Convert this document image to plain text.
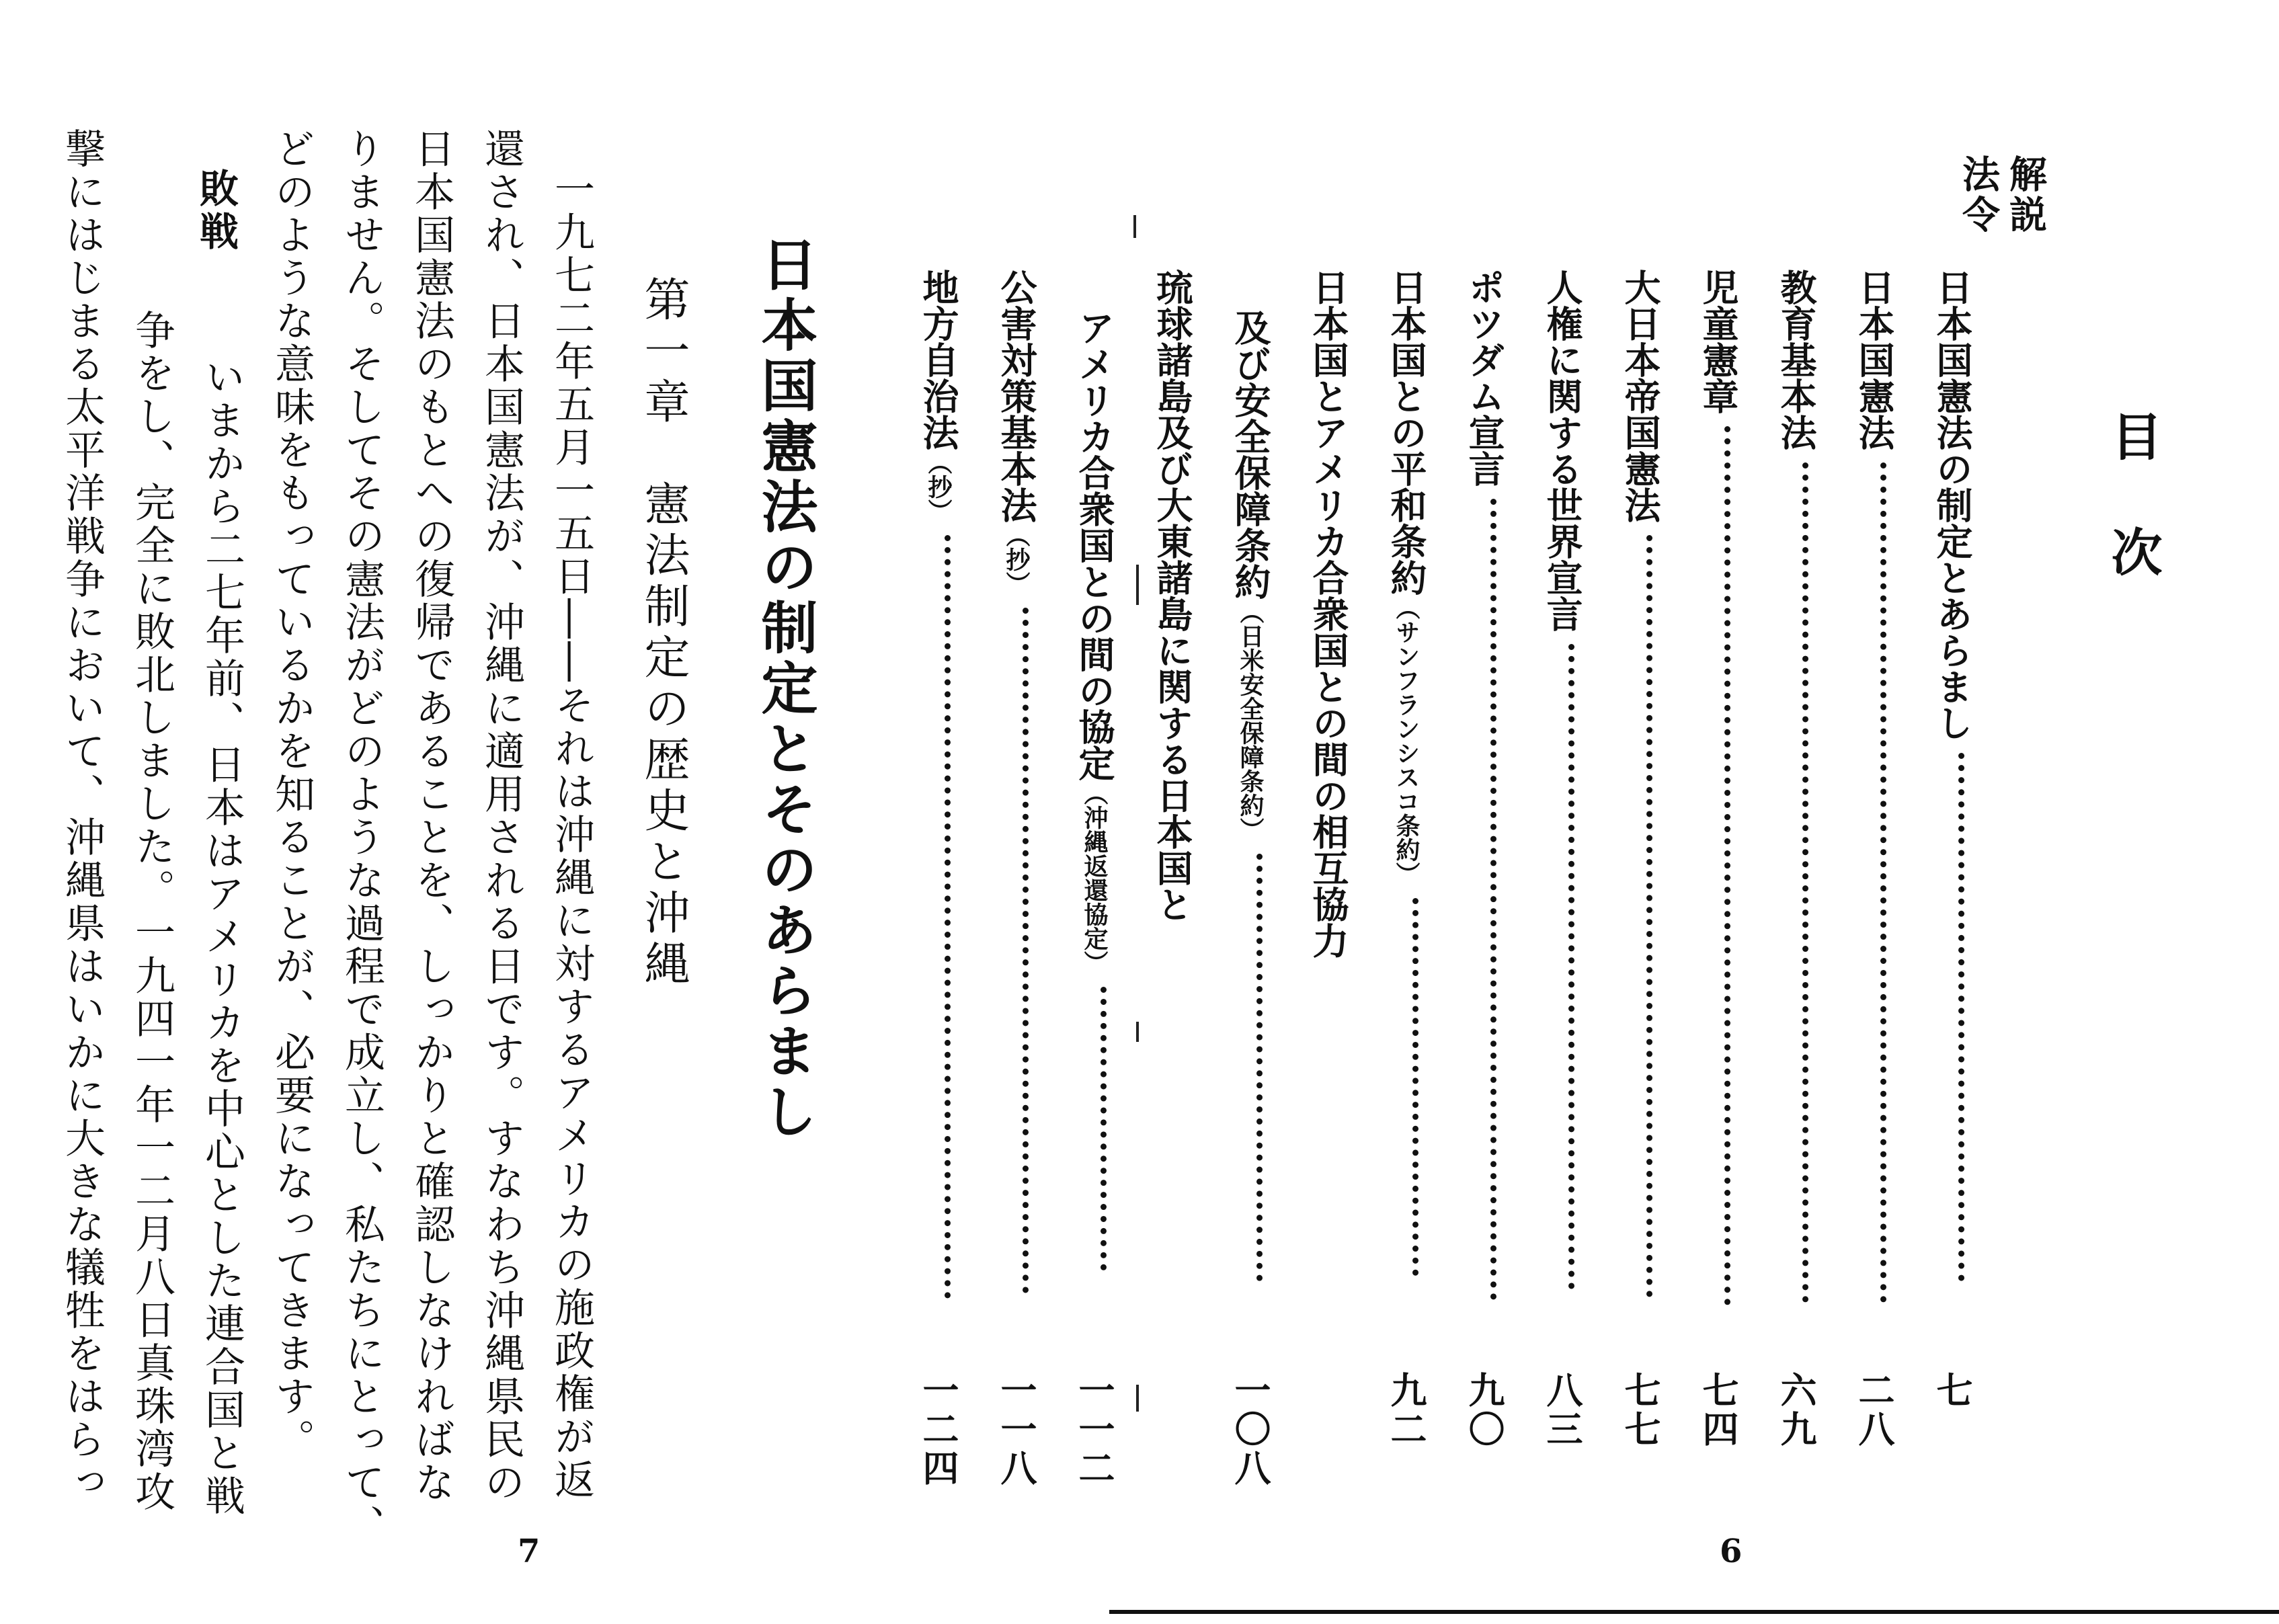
日本国憲法の制定とそのあらまし
第一章　憲法制定の歴史と沖縄
一九七二年五月一五日――それは沖縄に対するアメリカの施政権が返
還され、日本国憲法が、沖縄に適用される日です。すなわち沖縄県民の
日本国憲法のもとへの復帰であることを、しっかりと確認しなければな
りません。そしてその憲法がどのような過程で成立し、私たちにとって、
どのような意味をもっているかを知ることが、必要になってきます。
敗戦
いまから二七年前、日本はアメリカを中心とした連合国と戦
争をし、完全に敗北しました。一九四一年一二月八日真珠湾攻
撃にはじまる太平洋戦争において、沖縄県はいかに大きな犠牲をはらっ
7
目　次
解説
法令
日本国憲法の制定とあらまし
七
日本国憲法
二八
教育基本法
六九
児童憲章
七四
大日本帝国憲法
七七
人権に関する世界宣言
八三
ポツダム宣言
九〇
日本国との平和条約（サンフランシスコ条約）
九二
日本国とアメリカ合衆国との間の相互協力
及び安全保障条約（日米安全保障条約）
一〇八
琉球諸島及び大東諸島に関する日本国と
アメリカ合衆国との間の協定（沖縄返還協定）
一一二
公害対策基本法（抄）
一一八
地方自治法（抄）
一二四
6
